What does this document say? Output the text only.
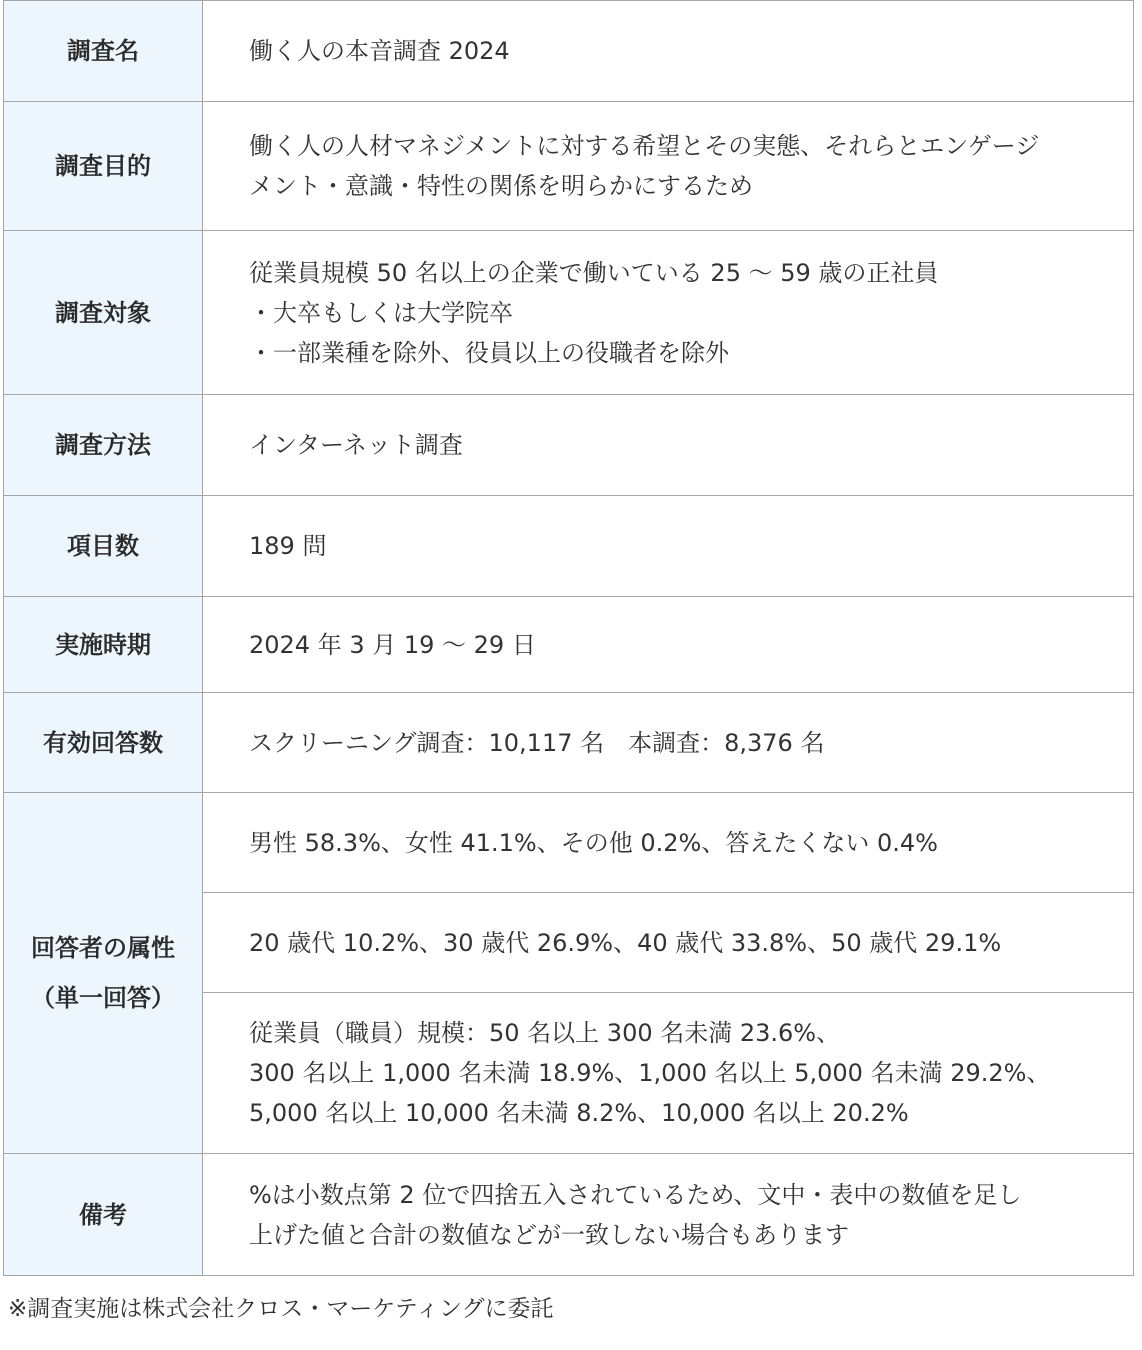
調査名	働く人の本音調査 2024

調査目的	働く人の人材マネジメントに対する希望とその実態、それらとエンゲージ
メント・意識・特性の関係を明らかにするため

調査対象	従業員規模 50 名以上の企業で働いている 25 ～ 59 歳の正社員
・大卒もしくは大学院卒
・一部業種を除外、役員以上の役職者を除外

調査方法	インターネット調査

項目数	189 問

実施時期	2024 年 3 月 19 ～ 29 日

有効回答数	スクリーニング調査：10,117 名　本調査：8,376 名

回答者の属性
（単一回答）	男性 58.3%、女性 41.1%、その他 0.2%、答えたくない 0.4%

	20 歳代 10.2%、30 歳代 26.9%、40 歳代 33.8%、50 歳代 29.1%

	従業員（職員）規模：50 名以上 300 名未満 23.6%、
300 名以上 1,000 名未満 18.9%、1,000 名以上 5,000 名未満 29.2%、
5,000 名以上 10,000 名未満 8.2%、10,000 名以上 20.2%

備考	%は小数点第 2 位で四捨五入されているため、文中・表中の数値を足し
上げた値と合計の数値などが一致しない場合もあります
※調査実施は株式会社クロス・マーケティングに委託
